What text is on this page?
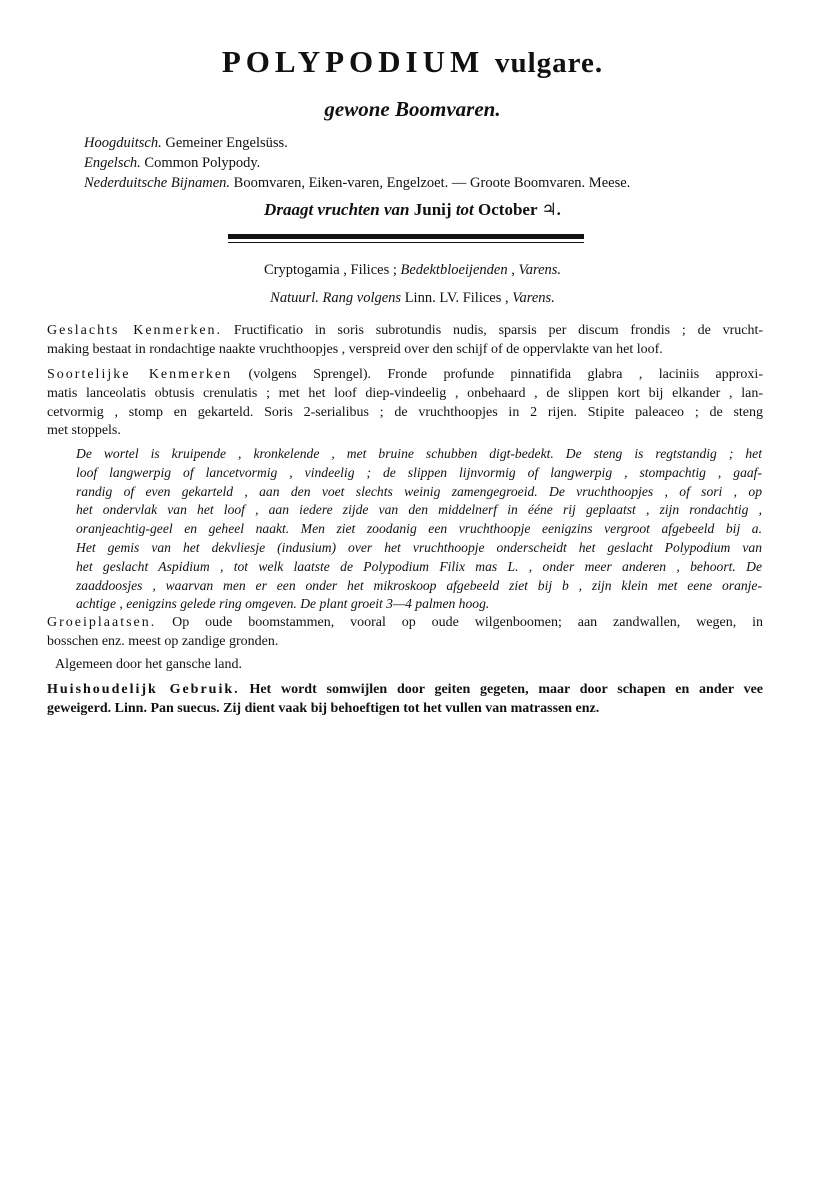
POLYPODIUM vulgare.
gewone Boomvaren.
Hoogduitsch. Gemeiner Engelsüss.
Engelsch. Common Polypody.
Nederduitsche Bijnamen. Boomvaren, Eiken-varen, Engelzoet. — Groote Boomvaren. Meese.
Draagt vruchten van Junij tot October ♃.
Cryptogamia , Filices ; Bedektbloeijenden , Varens.
Natuurl. Rang volgens Linn. LV. Filices , Varens.
Geslachts Kenmerken. Fructificatio in soris subrotundis nudis, sparsis per discum frondis ; de vrucht-
making bestaat in rondachtige naakte vruchthoopjes , verspreid over den schijf of de oppervlakte van het loof.
Soortelijke Kenmerken (volgens Sprengel). Fronde profunde pinnatifida glabra , laciniis approxi-
matis lanceolatis obtusis crenulatis ; met het loof diep-vindeelig , onbehaard , de slippen kort bij elkander , lan-
cetvormig , stomp en gekarteld. Soris 2-serialibus ; de vruchthoopjes in 2 rijen. Stipite paleaceo ; de steng
met stoppels.
De wortel is kruipende , kronkelende , met bruine schubben digt-bedekt. De steng is regtstandig ; het
loof langwerpig of lancetvormig , vindeelig ; de slippen lijnvormig of langwerpig , stompachtig , gaaf-
randig of even gekarteld , aan den voet slechts weinig zamengegroeid. De vruchthoopjes , of sori , op
het ondervlak van het loof , aan iedere zijde van den middelnerf in ééne rij geplaatst , zijn rondachtig ,
oranjeachtig-geel en geheel naakt. Men ziet zoodanig een vruchthoopje eenigzins vergroot afgebeeld bij a.
Het gemis van het dekvliesje (indusium) over het vruchthoopje onderscheidt het geslacht Polypodium van
het geslacht Aspidium , tot welk laatste de Polypodium Filix mas L. , onder meer anderen , behoort. De
zaaddoosjes , waarvan men er een onder het mikroskoop afgebeeld ziet bij b , zijn klein met eene oranje-
achtige , eenigzins gelede ring omgeven. De plant groeit 3—4 palmen hoog.
Groeiplaatsen. Op oude boomstammen, vooral op oude wilgenboomen; aan zandwallen, wegen, in
bosschen enz. meest op zandige gronden.
Algemeen door het gansche land.
Huishoudelijk Gebruik. Het wordt somwijlen door geiten gegeten, maar door schapen en ander vee
geweigerd. Linn. Pan suecus. Zij dient vaak bij behoeftigen tot het vullen van matrassen enz.
